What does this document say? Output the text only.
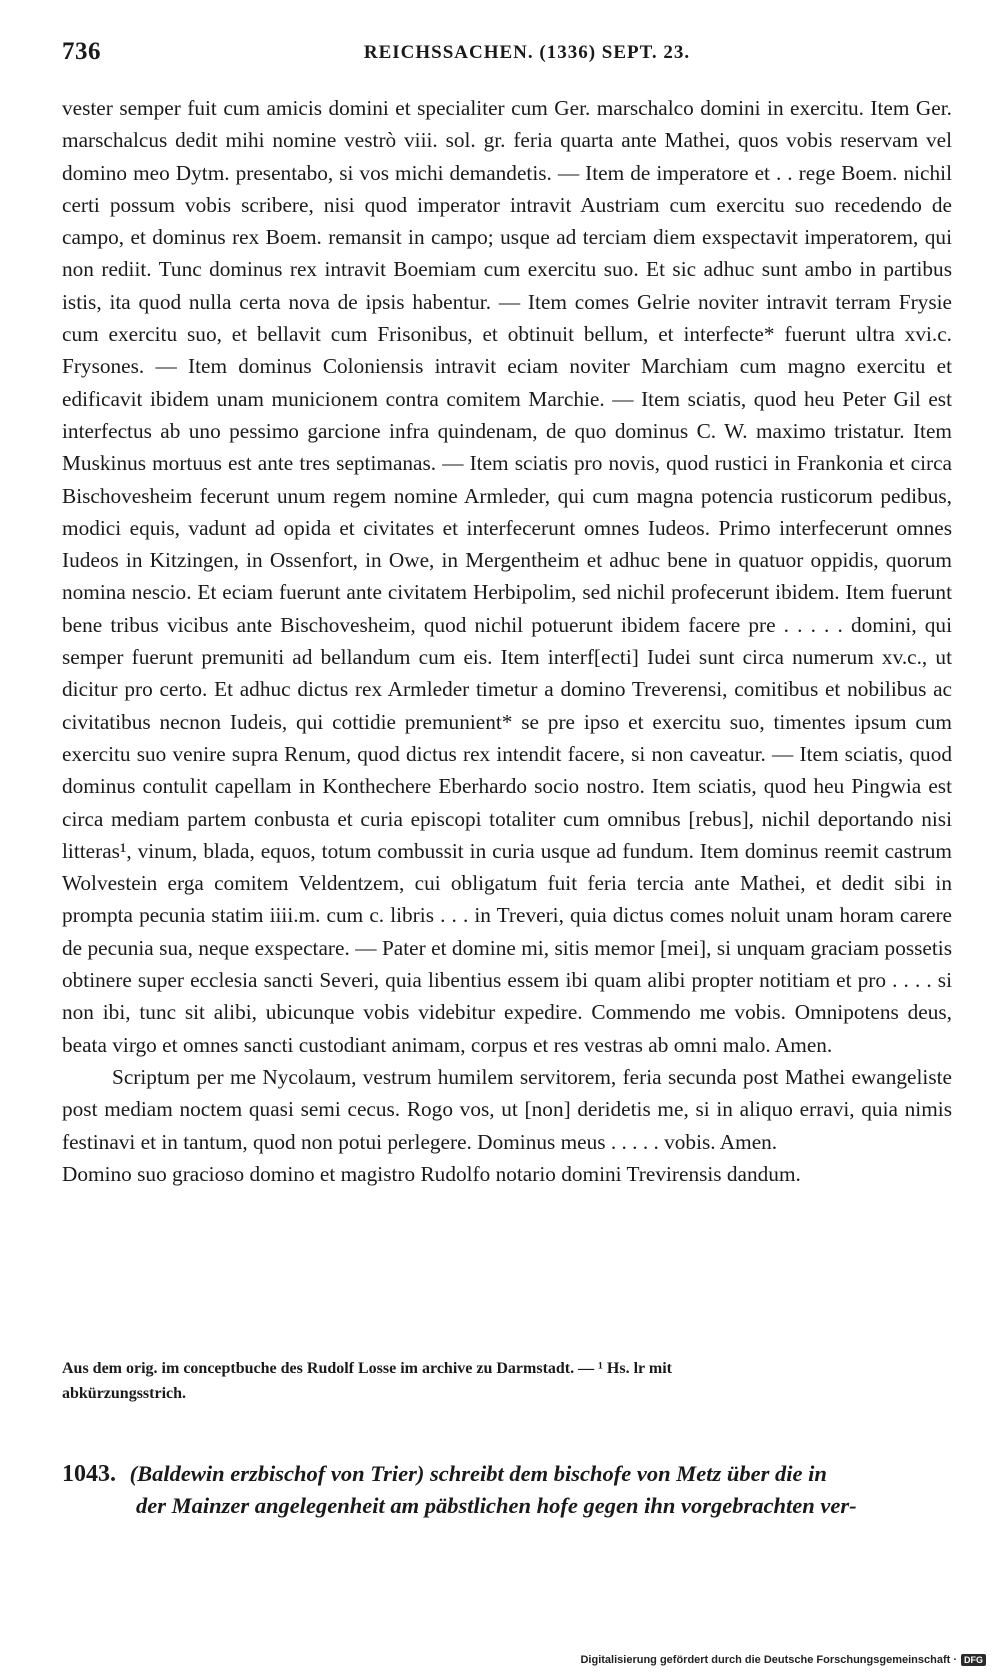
736	REICHSSACHEN. (1336) SEPT. 23.

vester semper fuit cum amicis domini et specialiter cum Ger. marschalco domini in exercitu. Item Ger. marschalcus dedit mihi nomine vestrò viii. sol. gr. feria quarta ante Mathei, quos vobis reservam vel domino meo Dytm. presentabo, si vos michi demandetis. — Item de imperatore et . . rege Boem. nichil certi possum vobis scribere, nisi quod imperator intravit Austriam cum exercitu suo recedendo de campo, et dominus rex Boem. remansit in campo; usque ad terciam diem exspectavit imperatorem, qui non rediit. Tunc dominus rex intravit Boemiam cum exercitu suo. Et sic adhuc sunt ambo in partibus istis, ita quod nulla certa nova de ipsis habentur. — Item comes Gelrie noviter intravit terram Frysie cum exercitu suo, et bellavit cum Frisonibus, et obtinuit bellum, et interfecte* fuerunt ultra xvi.c. Frysones. — Item dominus Coloniensis intravit eciam noviter Marchiam cum magno exercitu et edificavit ibidem unam municionem contra comitem Marchie. — Item sciatis, quod heu Peter Gil est interfectus ab uno pessimo garcione infra quindenam, de quo dominus C. W. maximo tristatur. Item Muskinus mortuus est ante tres septimanas. — Item sciatis pro novis, quod rustici in Frankonia et circa Bischovesheim fecerunt unum regem nomine Armleder, qui cum magna potencia rusticorum pedibus, modici equis, vadunt ad opida et civitates et interfecerunt omnes Iudeos. Primo interfecerunt omnes Iudeos in Kitzingen, in Ossenfort, in Owe, in Mergentheim et adhuc bene in quatuor oppidis, quorum nomina nescio. Et eciam fuerunt ante civitatem Herbipolim, sed nichil profecerunt ibidem. Item fuerunt bene tribus vicibus ante Bischovesheim, quod nichil potuerunt ibidem facere pre . . . . . domini, qui semper fuerunt premuniti ad bellandum cum eis. Item interf[ecti] Iudei sunt circa numerum xv.c., ut dicitur pro certo. Et adhuc dictus rex Armleder timetur a domino Treverensi, comitibus et nobilibus ac civitatibus necnon Iudeis, qui cottidie premunient* se pre ipso et exercitu suo, timentes ipsum cum exercitu suo venire supra Renum, quod dictus rex intendit facere, si non caveatur. — Item sciatis, quod dominus contulit capellam in Konthechere Eberhardo socio nostro. Item sciatis, quod heu Pingwia est circa mediam partem conbusta et curia episcopi totaliter cum omnibus [rebus], nichil deportando nisi litteras¹, vinum, blada, equos, totum combussit in curia usque ad fundum. Item dominus reemit castrum Wolvestein erga comitem Veldentzem, cui obligatum fuit feria tercia ante Mathei, et dedit sibi in prompta pecunia statim iiii.m. cum c. libris . . . in Treveri, quia dictus comes noluit unam horam carere de pecunia sua, neque exspectare. — Pater et domine mi, sitis memor [mei], si unquam graciam possetis obtinere super ecclesia sancti Severi, quia libentius essem ibi quam alibi propter notitiam et pro . . . . si non ibi, tunc sit alibi, ubicunque vobis videbitur expedire. Commendo me vobis. Omnipotens deus, beata virgo et omnes sancti custodiant animam, corpus et res vestras ab omni malo. Amen.

Scriptum per me Nycolaum, vestrum humilem servitorem, feria secunda post Mathei ewangeliste post mediam noctem quasi semi cecus. Rogo vos, ut [non] deridetis me, si in aliquo erravi, quia nimis festinavi et in tantum, quod non potui perlegere. Dominus meus . . . . . vobis. Amen.

Domino suo gracioso domino et magistro Rudolfo notario domini Trevirensis dandum.

Aus dem orig. im conceptbuche des Rudolf Losse im archive zu Darmstadt. — ¹ Hs. lr mit
abkürzungsstrich.
1043. (Baldewin erzbischof von Trier) schreibt dem bischofe von Metz über die in
der Mainzer angelegenheit am päbstlichen hofe gegen ihn vorgebrachten ver-
Digitalisierung gefördert durch die Deutsche Forschungsgemeinschaft · DFG
